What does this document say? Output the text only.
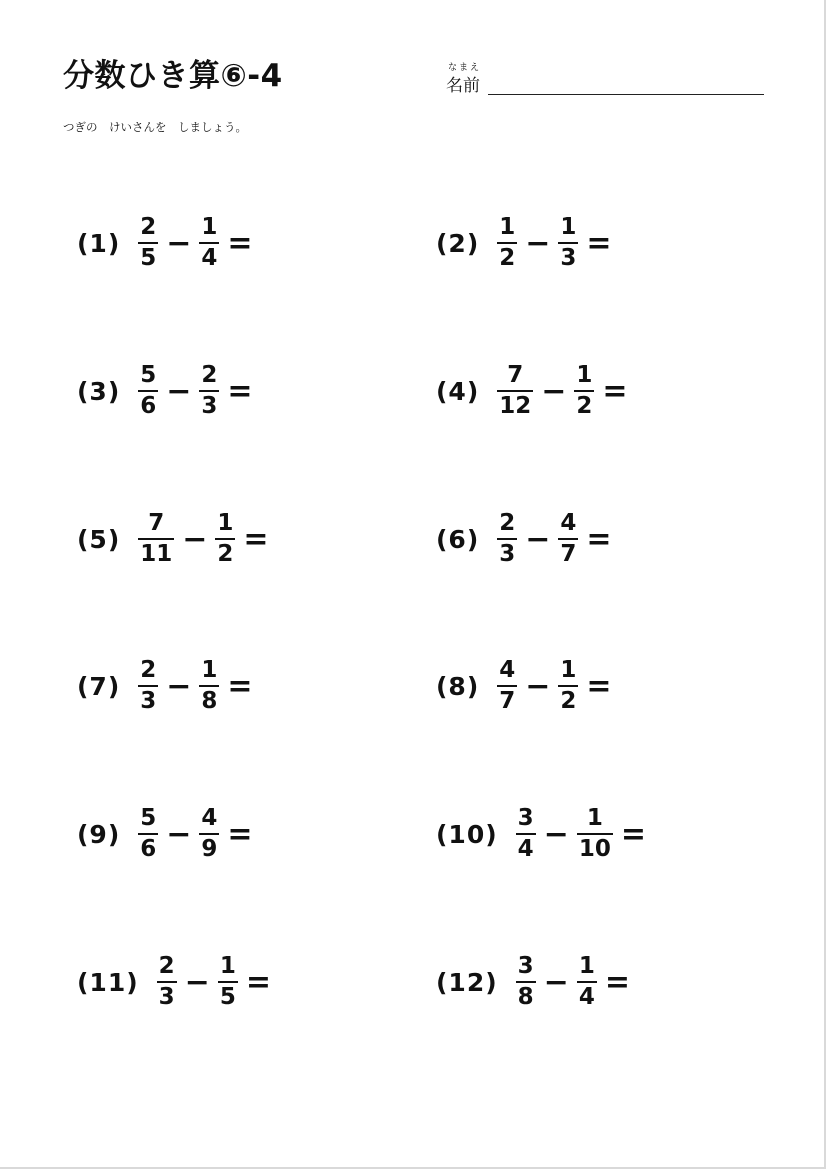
分数ひき算⑥-4	なまえ
名前
つぎの　けいさんを　しましょう。
$(1) \frac{2}{5} - \frac{1}{4}$ =	$(2) \frac{1}{2} - \frac{1}{3}$ =
$(3) \frac{5}{6} - \frac{2}{3}$ =	$(4) \frac{7}{12} - \frac{1}{2}$ =
$(5) \frac{7}{11} - \frac{1}{2}$ =	$(6) \frac{2}{3} - \frac{4}{7}$ =
$(7) \frac{2}{3} - \frac{1}{8}$ =	$(8) \frac{4}{7} - \frac{1}{2}$ =
$(9) \frac{5}{6} - \frac{4}{9}$ =	$(10) \frac{3}{4} - \frac{1}{10}$ =
$(11) \frac{2}{3} - \frac{1}{5}$ =	$(12) \frac{3}{8} - \frac{1}{4}$ =
